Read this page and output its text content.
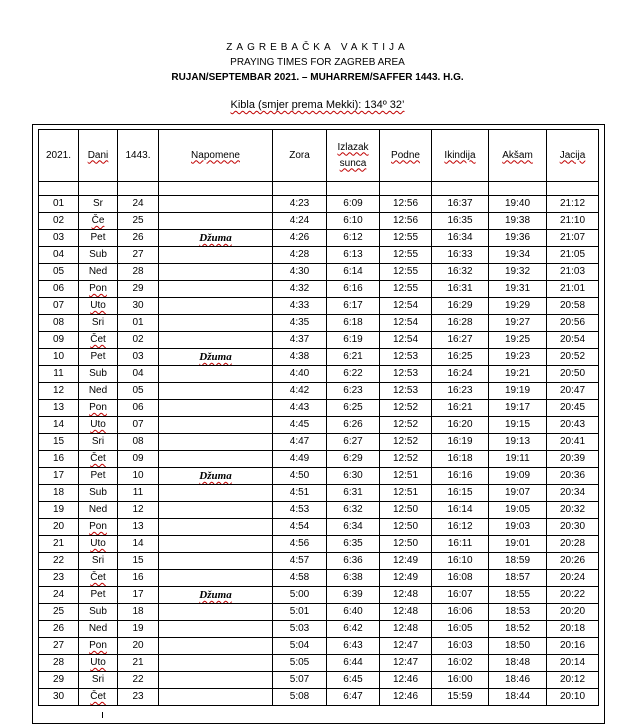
ZAGREBAČKA VAKTIJA
PRAYING TIMES FOR ZAGREB AREA
RUJAN/SEPTEMBAR 2021. – MUHARREM/SAFFER 1443. H.G.
Kibla (smjer prema Mekki): 134º 32’
2021.	Dani	1443.	Napomene	Zora	Izlazak sunca	Podne	Ikindija	Akšam	Jacija

01	Sr	24		4:23	6:09	12:56	16:37	19:40	21:12
02	Če	25		4:24	6:10	12:56	16:35	19:38	21:10
03	Pet	26	Džuma	4:26	6:12	12:55	16:34	19:36	21:07
04	Sub	27		4:28	6:13	12:55	16:33	19:34	21:05
05	Ned	28		4:30	6:14	12:55	16:32	19:32	21:03
06	Pon	29		4:32	6:16	12:55	16:31	19:31	21:01
07	Uto	30		4:33	6:17	12:54	16:29	19:29	20:58
08	Sri	01		4:35	6:18	12:54	16:28	19:27	20:56
09	Čet	02		4:37	6:19	12:54	16:27	19:25	20:54
10	Pet	03	Džuma	4:38	6:21	12:53	16:25	19:23	20:52
11	Sub	04		4:40	6:22	12:53	16:24	19:21	20:50
12	Ned	05		4:42	6:23	12:53	16:23	19:19	20:47
13	Pon	06		4:43	6:25	12:52	16:21	19:17	20:45
14	Uto	07		4:45	6:26	12:52	16:20	19:15	20:43
15	Sri	08		4:47	6:27	12:52	16:19	19:13	20:41
16	Čet	09		4:49	6:29	12:52	16:18	19:11	20:39
17	Pet	10	Džuma	4:50	6:30	12:51	16:16	19:09	20:36
18	Sub	11		4:51	6:31	12:51	16:15	19:07	20:34
19	Ned	12		4:53	6:32	12:50	16:14	19:05	20:32
20	Pon	13		4:54	6:34	12:50	16:12	19:03	20:30
21	Uto	14		4:56	6:35	12:50	16:11	19:01	20:28
22	Sri	15		4:57	6:36	12:49	16:10	18:59	20:26
23	Čet	16		4:58	6:38	12:49	16:08	18:57	20:24
24	Pet	17	Džuma	5:00	6:39	12:48	16:07	18:55	20:22
25	Sub	18		5:01	6:40	12:48	16:06	18:53	20:20
26	Ned	19		5:03	6:42	12:48	16:05	18:52	20:18
27	Pon	20		5:04	6:43	12:47	16:03	18:50	20:16
28	Uto	21		5:05	6:44	12:47	16:02	18:48	20:14
29	Sri	22		5:07	6:45	12:46	16:00	18:46	20:12
30	Čet	23		5:08	6:47	12:46	15:59	18:44	20:10
